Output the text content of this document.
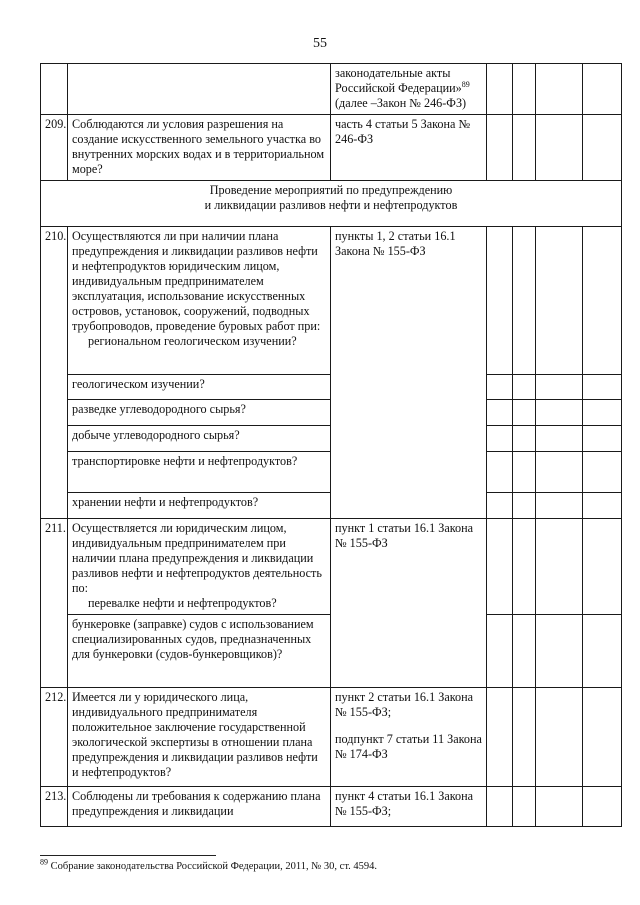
55
		законодательные акты Российской Федерации»$^{89}$
(далее –Закон № 246-ФЗ)				
209.	Соблюдаются ли условия разрешения на создание искусственного земельного участка во внутренних морских водах и в территориальном море?	часть 4 статьи 5 Закона № 246-ФЗ				
Проведение мероприятий по предупреждению
и ликвидации разливов нефти и нефтепродуктов						
210.	Осуществляются ли при наличии плана предупреждения и ликвидации разливов нефти и нефтепродуктов юридическим лицом, индивидуальным предпринимателем эксплуатация, использование искусственных островов, установок, сооружений, подводных трубопроводов, проведение буровых работ при:
региональном геологическом изучении?	пункты 1, 2 статьи 16.1 Закона № 155-ФЗ				
	геологическом изучении?					
	разведке углеводородного сырья?					
	добыче углеводородного сырья?					
	транспортировке нефти и нефтепродуктов?					
	хранении нефти и нефтепродуктов?					
211.	Осуществляется ли юридическим лицом, индивидуальным предпринимателем при наличии плана предупреждения и ликвидации разливов нефти и нефтепродуктов деятельность по:
перевалке нефти и нефтепродуктов?	пункт 1 статьи 16.1 Закона № 155-ФЗ				
	бункеровке (заправке) судов с использованием специализированных судов, предназначенных для бункеровки (судов-бункеровщиков)?					
212.	Имеется ли у юридического лица, индивидуального предпринимателя положительное заключение государственной экологической экспертизы в отношении плана предупреждения и ликвидации разливов нефти и нефтепродуктов?	пункт 2 статьи 16.1 Закона № 155-ФЗ;
подпункт 7 статьи 11 Закона № 174-ФЗ				
213.	Соблюдены ли требования к содержанию плана предупреждения и ликвидации	пункт 4 статьи 16.1 Закона № 155-ФЗ;				
$^{89}$ Собрание законодательства Российской Федерации, 2011, № 30, ст. 4594.
